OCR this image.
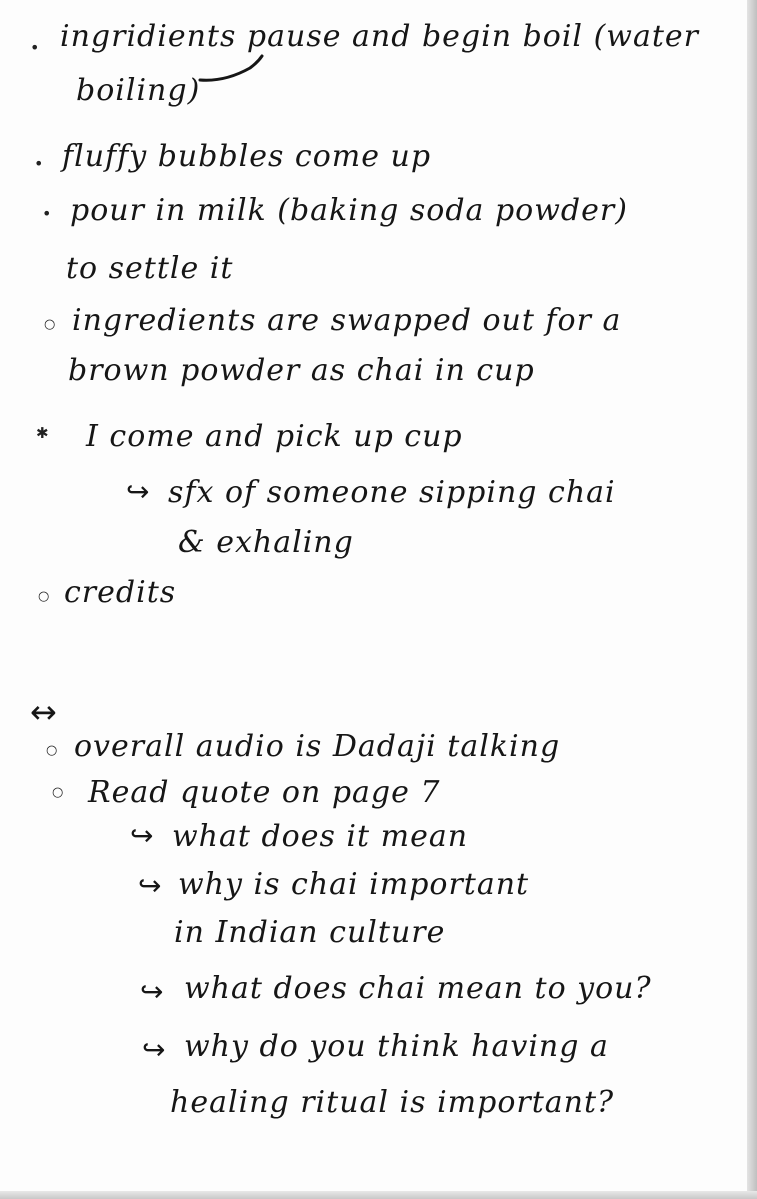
• ingridients pause and begin boil (water
boiling)
• fluffy bubbles come up
• pour in milk (baking soda powder)
to settle it
○ ingredients are swapped out for a
brown powder as chai in cup
✱ I come and pick up cup
↪ sfx of someone sipping chai
& exhaling
○ credits
↔
○ overall audio is Dadaji talking
○ Read quote on page 7
↪ what does it mean
↪ why is chai important
in Indian culture
↪ what does chai mean to you?
↪ why do you think having a
healing ritual is important?
